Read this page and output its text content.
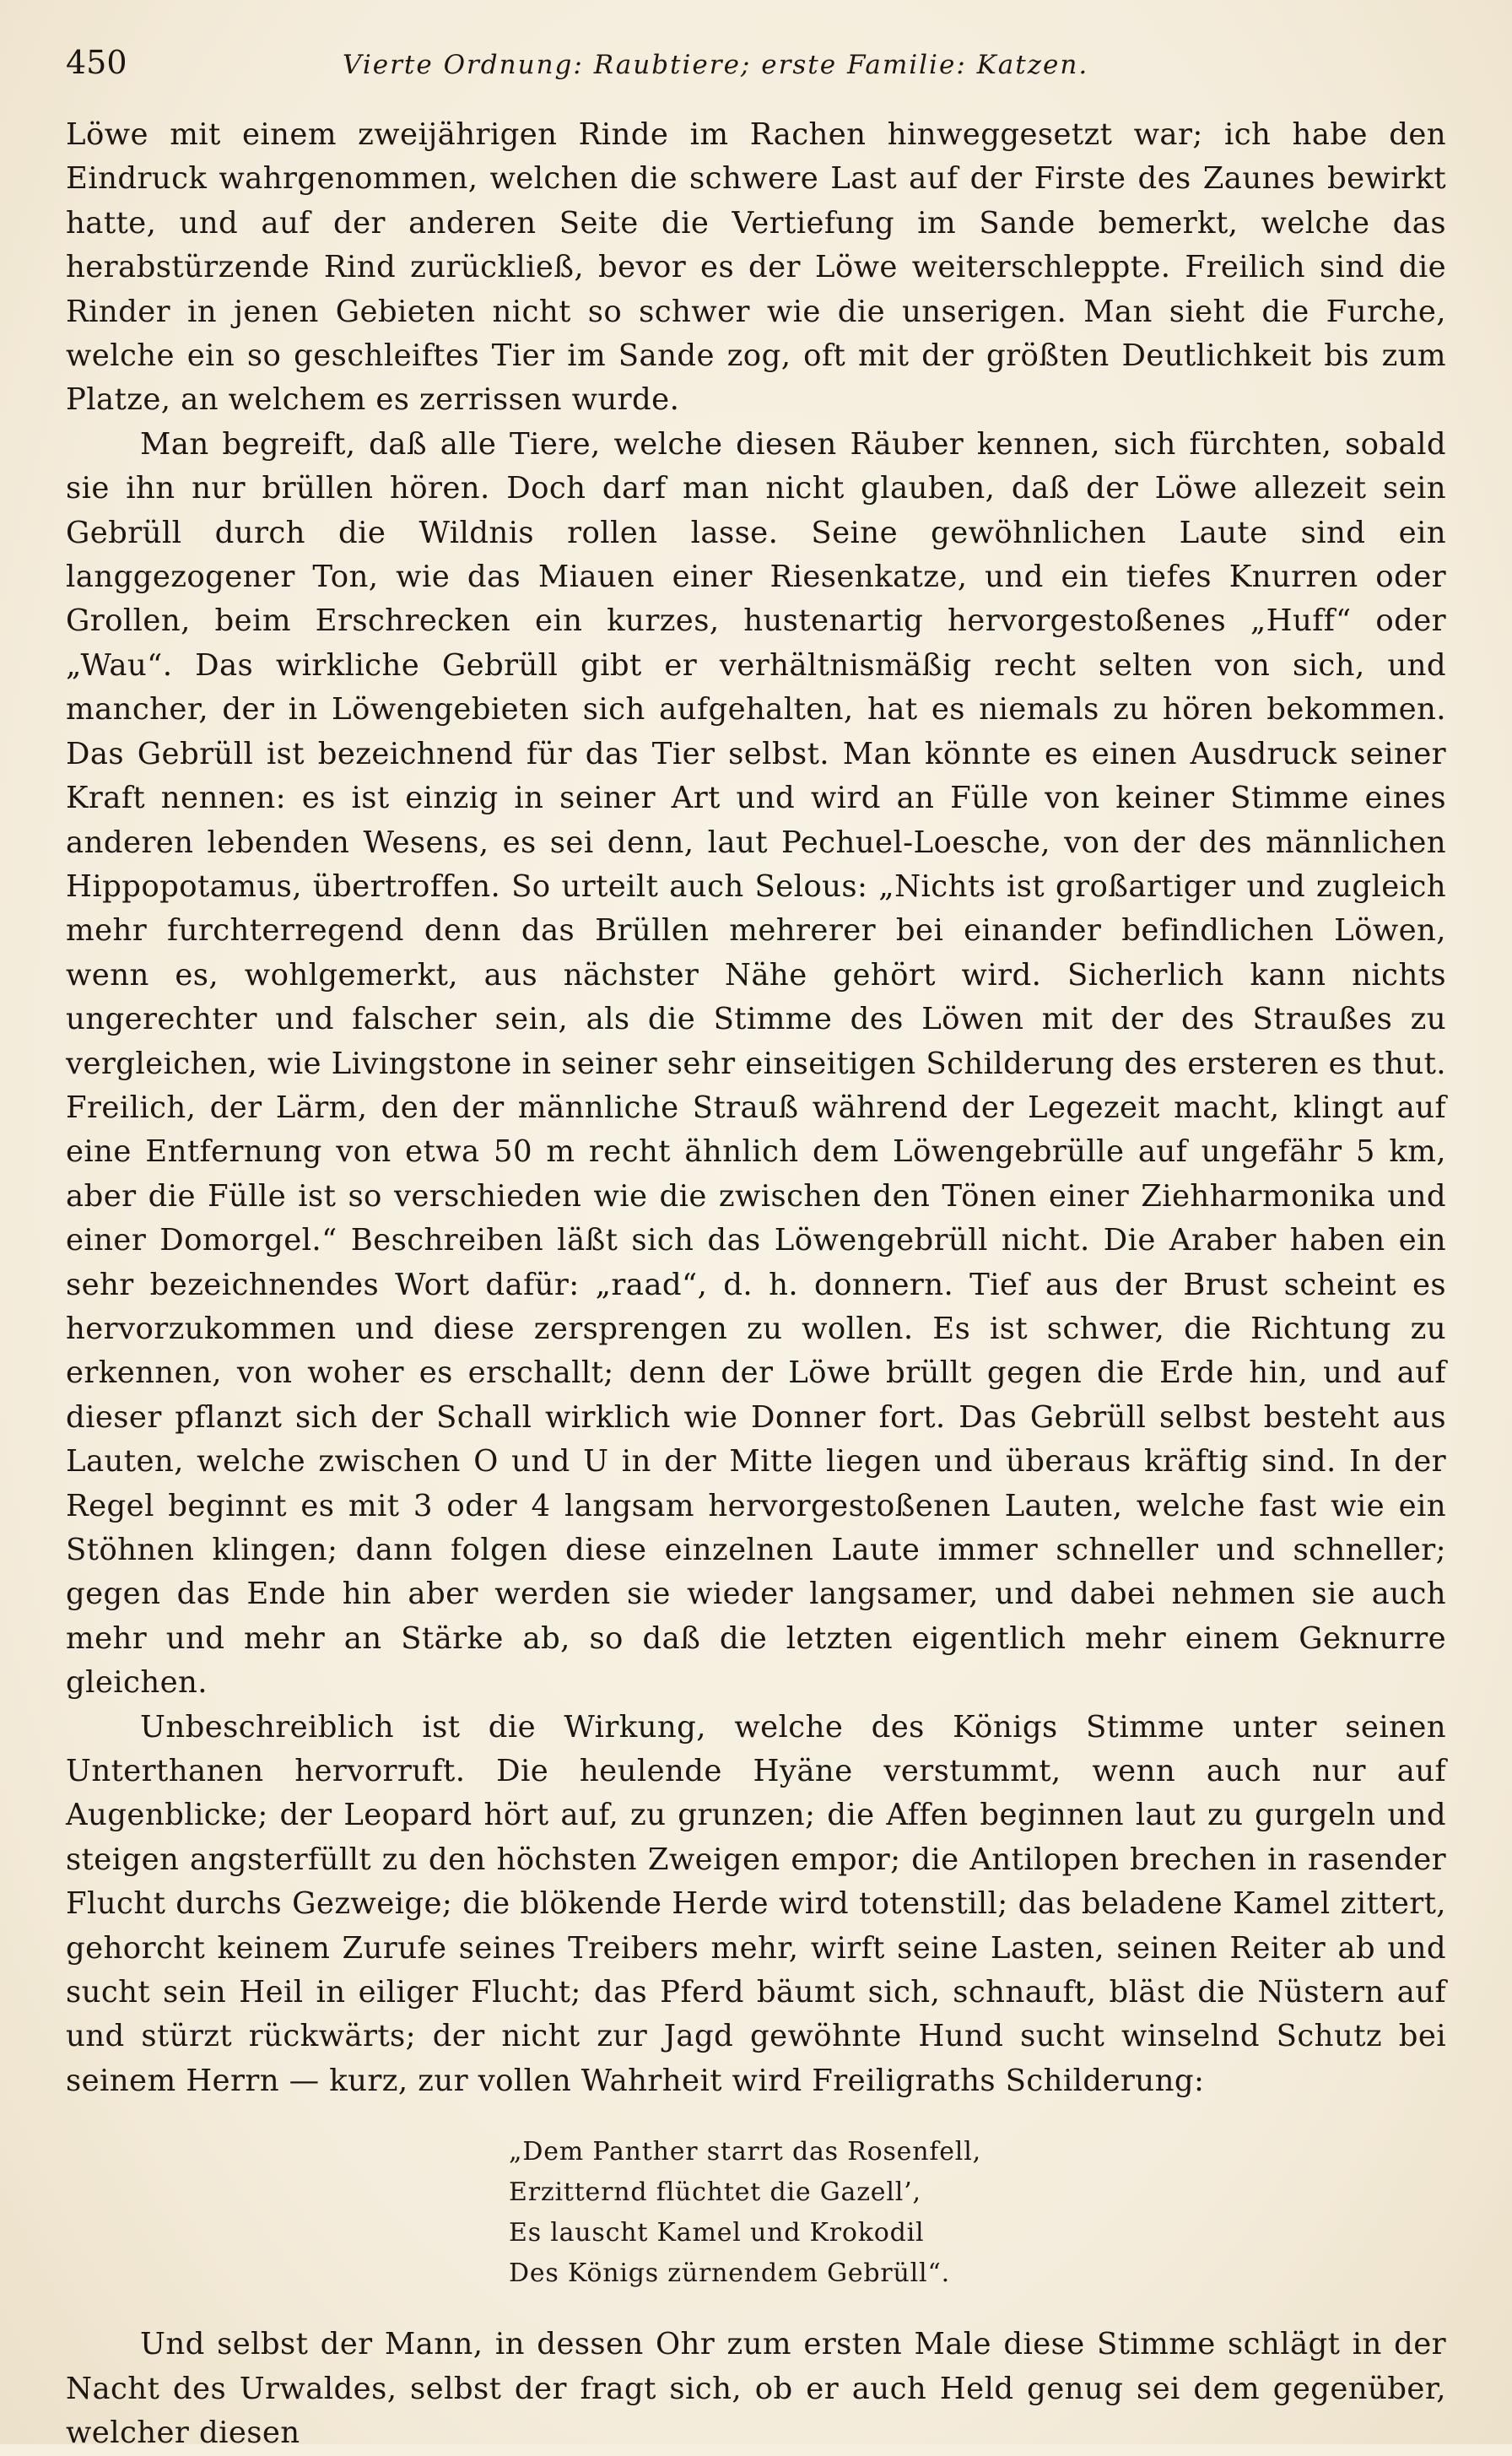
450	Vierte Ordnung: Raubtiere; erste Familie: Katzen.

Löwe mit einem zweijährigen Rinde im Rachen hinweggesetzt war; ich habe den Eindruck wahrgenommen, welchen die schwere Last auf der Firste des Zaunes bewirkt hatte, und auf der anderen Seite die Vertiefung im Sande bemerkt, welche das herabstürzende Rind zurückließ, bevor es der Löwe weiterschleppte. Freilich sind die Rinder in jenen Gebieten nicht so schwer wie die unserigen. Man sieht die Furche, welche ein so geschleiftes Tier im Sande zog, oft mit der größten Deutlichkeit bis zum Platze, an welchem es zerrissen wurde.

Man begreift, daß alle Tiere, welche diesen Räuber kennen, sich fürchten, sobald sie ihn nur brüllen hören. Doch darf man nicht glauben, daß der Löwe allezeit sein Gebrüll durch die Wildnis rollen lasse. Seine gewöhnlichen Laute sind ein langgezogener Ton, wie das Miauen einer Riesenkatze, und ein tiefes Knurren oder Grollen, beim Erschrecken ein kurzes, hustenartig hervorgestoßenes „Huff“ oder „Wau“. Das wirkliche Gebrüll gibt er verhältnismäßig recht selten von sich, und mancher, der in Löwengebieten sich aufgehalten, hat es niemals zu hören bekommen. Das Gebrüll ist bezeichnend für das Tier selbst. Man könnte es einen Ausdruck seiner Kraft nennen: es ist einzig in seiner Art und wird an Fülle von keiner Stimme eines anderen lebenden Wesens, es sei denn, laut Pechuel-Loesche, von der des männlichen Hippopotamus, übertroffen. So urteilt auch Selous: „Nichts ist großartiger und zugleich mehr furchterregend denn das Brüllen mehrerer bei einander befindlichen Löwen, wenn es, wohlgemerkt, aus nächster Nähe gehört wird. Sicherlich kann nichts ungerechter und falscher sein, als die Stimme des Löwen mit der des Straußes zu vergleichen, wie Livingstone in seiner sehr einseitigen Schilderung des ersteren es thut. Freilich, der Lärm, den der männliche Strauß während der Legezeit macht, klingt auf eine Entfernung von etwa 50 m recht ähnlich dem Löwengebrülle auf ungefähr 5 km, aber die Fülle ist so verschieden wie die zwischen den Tönen einer Ziehharmonika und einer Domorgel.“ Beschreiben läßt sich das Löwengebrüll nicht. Die Araber haben ein sehr bezeichnendes Wort dafür: „raad“, d. h. donnern. Tief aus der Brust scheint es hervorzukommen und diese zersprengen zu wollen. Es ist schwer, die Richtung zu erkennen, von woher es erschallt; denn der Löwe brüllt gegen die Erde hin, und auf dieser pflanzt sich der Schall wirklich wie Donner fort. Das Gebrüll selbst besteht aus Lauten, welche zwischen O und U in der Mitte liegen und überaus kräftig sind. In der Regel beginnt es mit 3 oder 4 langsam hervorgestoßenen Lauten, welche fast wie ein Stöhnen klingen; dann folgen diese einzelnen Laute immer schneller und schneller; gegen das Ende hin aber werden sie wieder langsamer, und dabei nehmen sie auch mehr und mehr an Stärke ab, so daß die letzten eigentlich mehr einem Geknurre gleichen.

Unbeschreiblich ist die Wirkung, welche des Königs Stimme unter seinen Unterthanen hervorruft. Die heulende Hyäne verstummt, wenn auch nur auf Augenblicke; der Leopard hört auf, zu grunzen; die Affen beginnen laut zu gurgeln und steigen angsterfüllt zu den höchsten Zweigen empor; die Antilopen brechen in rasender Flucht durchs Gezweige; die blökende Herde wird totenstill; das beladene Kamel zittert, gehorcht keinem Zurufe seines Treibers mehr, wirft seine Lasten, seinen Reiter ab und sucht sein Heil in eiliger Flucht; das Pferd bäumt sich, schnauft, bläst die Nüstern auf und stürzt rückwärts; der nicht zur Jagd gewöhnte Hund sucht winselnd Schutz bei seinem Herrn — kurz, zur vollen Wahrheit wird Freiligraths Schilderung:

„Dem Panther starrt das Rosenfell,
Erzitternd flüchtet die Gazell’,
Es lauscht Kamel und Krokodil
Des Königs zürnendem Gebrüll“.

Und selbst der Mann, in dessen Ohr zum ersten Male diese Stimme schlägt in der Nacht des Urwaldes, selbst der fragt sich, ob er auch Held genug sei dem gegenüber, welcher diesen
